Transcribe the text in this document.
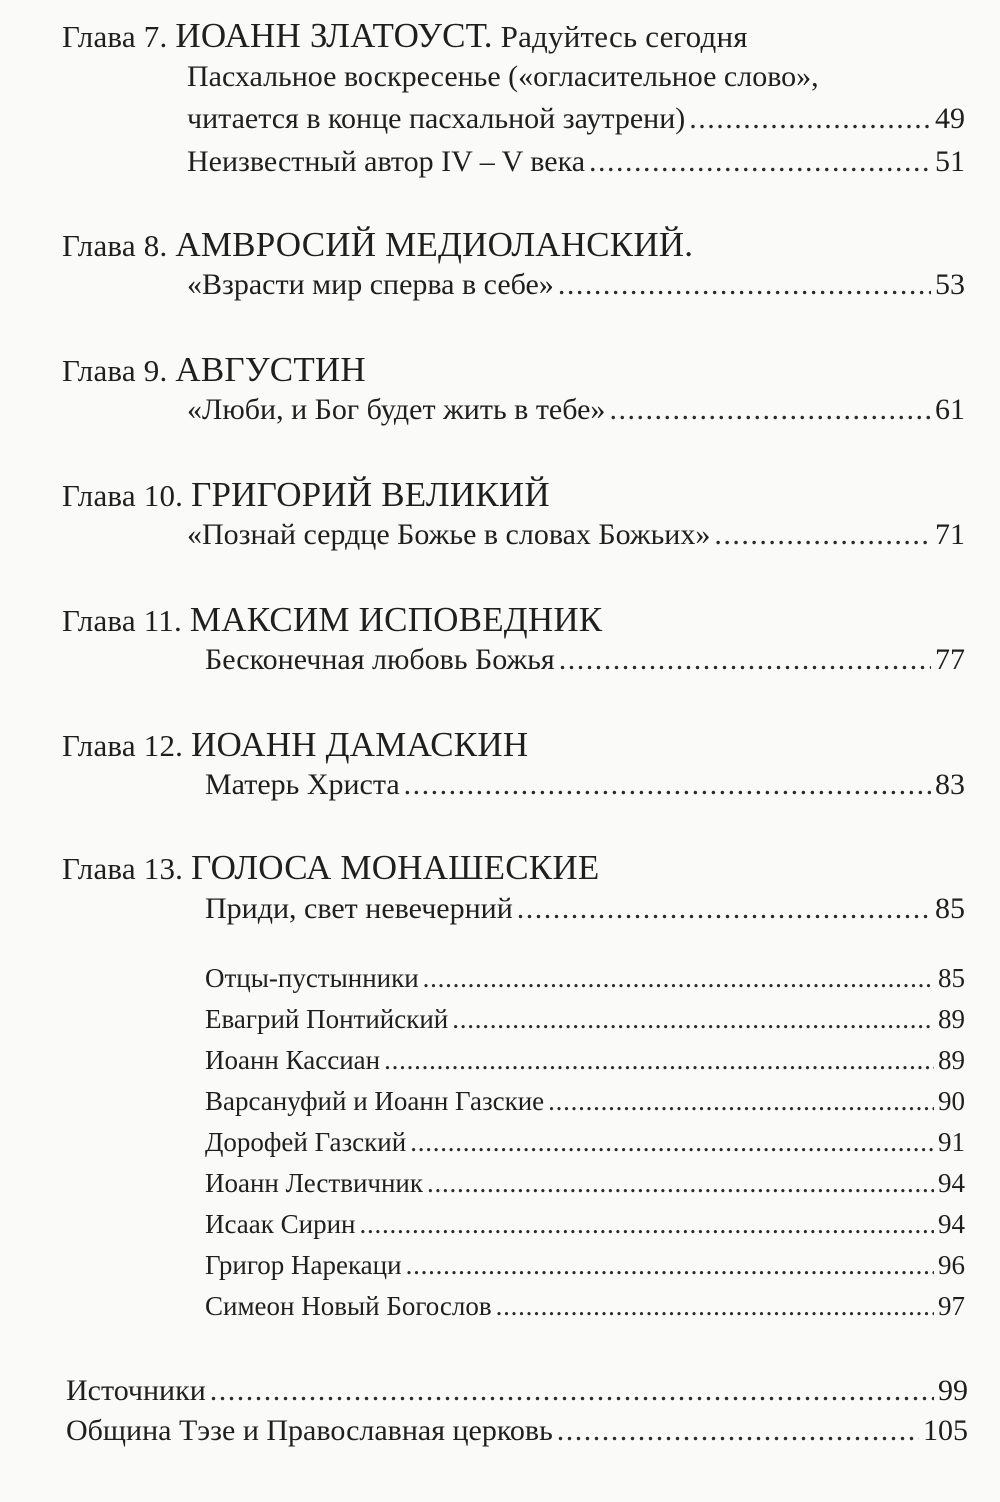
Глава 7. ИОАНН ЗЛАТОУСТ. Радуйтесь сегодня
Пасхальное воскресенье («огласительное слово»,
читается в конце пасхальной заутрени) . . .	49
Неизвестный автор IV – V века . . .	51
Глава 8. АМВРОСИЙ МЕДИОЛАНСКИЙ.
«Взрасти мир сперва в себе» . . .	53
Глава 9. АВГУСТИН
«Люби, и Бог будет жить в тебе» . . .	61
Глава 10. ГРИГОРИЙ ВЕЛИКИЙ
«Познай сердце Божье в словах Божьих» . . .	71
Глава 11. МАКСИМ ИСПОВЕДНИК
Бесконечная любовь Божья . . .	77
Глава 12. ИОАНН ДАМАСКИН
Матерь Христа . . .	83
Глава 13. ГОЛОСА МОНАШЕСКИЕ
Приди, свет невечерний . . .	85
Отцы-пустынники . . .	85
Евагрий Понтийский . . .	89
Иоанн Кассиан . . .	89
Варсануфий и Иоанн Газские . . .	90
Дорофей Газский . . .	91
Иоанн Лествичник . . .	94
Исаак Сирин . . .	94
Григор Нарекаци . . .	96
Симеон Новый Богослов . . .	97
Источники . . .	99
Община Тэзе и Православная церковь . . .	105
